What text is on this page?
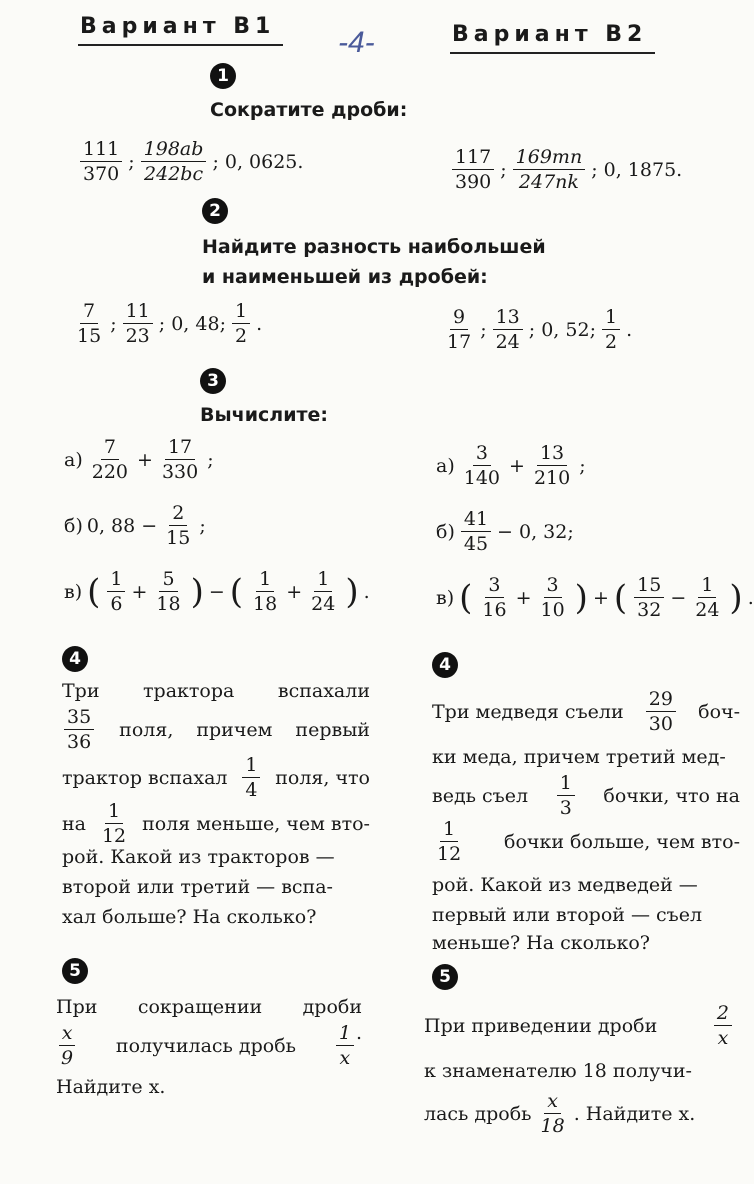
Вариант В1 -4-	Вариант В2
1
Сократите дроби:
$\frac{111}{370}$ ; $\frac{198ab}{242bc}$ ; 0, 0625.	$\frac{117}{390}$ ; $\frac{169mn}{247nk}$ ; 0, 1875.
2
Найдите разность наибольшей
и наименьшей из дробей:
$\frac{7}{15}$ ; $\frac{11}{23}$ ; 0, 48; $\frac{1}{2}$ .	$\frac{9}{17}$ ; $\frac{13}{24}$ ; 0, 52; $\frac{1}{2}$ .
3
Вычислите:
$а) \frac{7}{220} + \frac{17}{330}$ ;
б) 0, $88 - \frac{2}{15}$ ;
в) ( $\frac{1}{6} + \frac{5}{18}$ ) − ( $\frac{1}{18} + \frac{1}{24}$ ) .
$а) \frac{3}{140} + \frac{13}{210}$ ;
$б) \frac{41}{45} - 0$, 32;
в) ( $\frac{3}{16} + \frac{3}{10}$ ) + ( $\frac{15}{32} - \frac{1}{24}$ ) .
4	4
Три трактора вспахали
$\frac{35}{36}$ поля, причем первый
трактор вспахал $\frac{1}{4}$ поля, что
на $\frac{1}{12}$ поля меньше, чем вто-
рой. Какой из тракторов —
второй или третий — вспа-
хал больше? На сколько?
Три медведя съели $\frac{29}{30} боч-$
ки меда, причем третий мед-
ведь съел $\frac{1}{3}$ бочки, что на
$\frac{1}{12}$ бочки больше, чем вто-
рой. Какой из медведей —
первый или второй — съел
меньше? На сколько?
5	5
При сокращении дроби
$\frac{x}{9}$ получилась дробь $\frac{1}{x}$ .
Найдите x.
При приведении дроби	$\frac{2}{x}$
к знаменателю 18 получи-
лась дробь $\frac{x}{18}$ . Найдите x.
